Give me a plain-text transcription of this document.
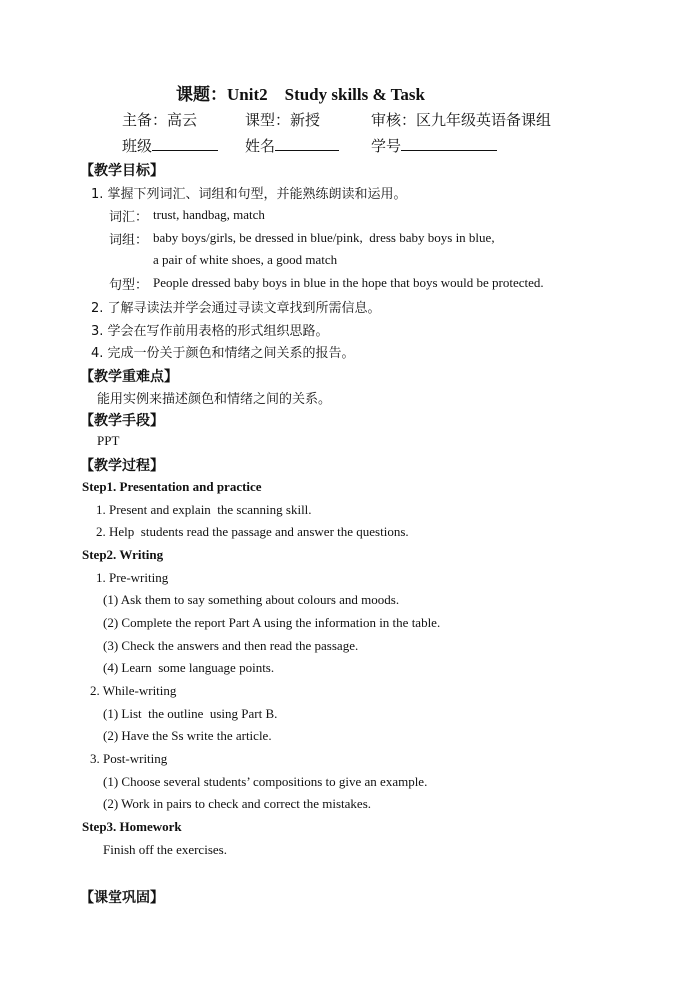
课题：Unit2    Study skills & Task
主备：高云	课型：新授	审核：区九年级英语备课组
班级	姓名	学号
【教学目标】
1. 掌握下列词汇、词组和句型，并能熟练朗读和运用。
词汇： trust, handbag, match
词组： baby boys/girls, be dressed in blue/pink,  dress baby boys in blue,
a pair of white shoes, a good match
句型： People dressed baby boys in blue in the hope that boys would be protected.
2. 了解寻读法并学会通过寻读文章找到所需信息。
3. 学会在写作前用表格的形式组织思路。
4. 完成一份关于颜色和情绪之间关系的报告。
【教学重难点】
能用实例来描述颜色和情绪之间的关系。
【教学手段】
PPT
【教学过程】
Step1. Presentation and practice
1. Present and explain  the scanning skill.
2. Help  students read the passage and answer the questions.
Step2. Writing
1. Pre-writing
(1) Ask them to say something about colours and moods.
(2) Complete the report Part A using the information in the table.
(3) Check the answers and then read the passage.
(4) Learn  some language points.
2. While-writing
(1) List  the outline  using Part B.
(2) Have the Ss write the article.
3. Post-writing
(1) Choose several students’ compositions to give an example.
(2) Work in pairs to check and correct the mistakes.
Step3. Homework
Finish off the exercises.
【课堂巩固】
